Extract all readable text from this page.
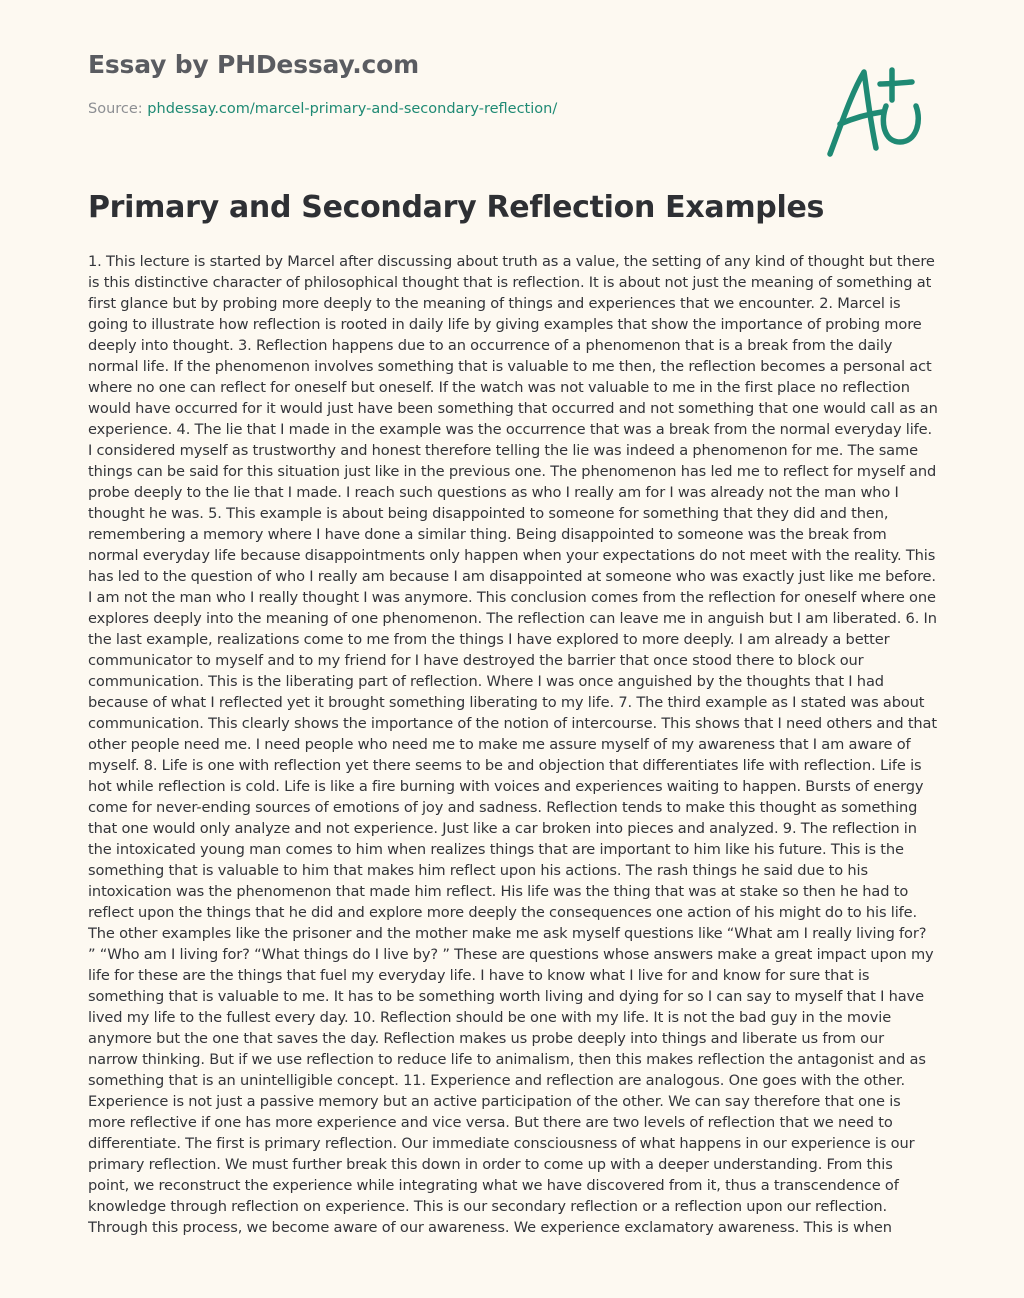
Essay by PHDessay.com
Source: phdessay.com/marcel-primary-and-secondary-reflection/
Primary and Secondary Reflection Examples

1. This lecture is started by Marcel after discussing about truth as a value, the setting of any kind of thought but there is this distinctive character of philosophical thought that is reflection. It is about not just the meaning of something at first glance but by probing more deeply to the meaning of things and experiences that we encounter. 2. Marcel is going to illustrate how reflection is rooted in daily life by giving examples that show the importance of probing more deeply into thought. 3. Reflection happens due to an occurrence of a phenomenon that is a break from the daily normal life. If the phenomenon involves something that is valuable to me then, the reflection becomes a personal act where no one can reflect for oneself but oneself. If the watch was not valuable to me in the first place no reflection would have occurred for it would just have been something that occurred and not something that one would call as an experience. 4. The lie that I made in the example was the occurrence that was a break from the normal everyday life. I considered myself as trustworthy and honest therefore telling the lie was indeed a phenomenon for me. The same things can be said for this situation just like in the previous one. The phenomenon has led me to reflect for myself and probe deeply to the lie that I made. I reach such questions as who I really am for I was already not the man who I thought he was. 5. This example is about being disappointed to someone for something that they did and then, remembering a memory where I have done a similar thing. Being disappointed to someone was the break from normal everyday life because disappointments only happen when your expectations do not meet with the reality. This has led to the question of who I really am because I am disappointed at someone who was exactly just like me before. I am not the man who I really thought I was anymore. This conclusion comes from the reflection for oneself where one explores deeply into the meaning of one phenomenon. The reflection can leave me in anguish but I am liberated. 6. In the last example, realizations come to me from the things I have explored to more deeply. I am already a better communicator to myself and to my friend for I have destroyed the barrier that once stood there to block our communication. This is the liberating part of reflection. Where I was once anguished by the thoughts that I had because of what I reflected yet it brought something liberating to my life. 7. The third example as I stated was about communication. This clearly shows the importance of the notion of intercourse. This shows that I need others and that other people need me. I need people who need me to make me assure myself of my awareness that I am aware of myself. 8. Life is one with reflection yet there seems to be and objection that differentiates life with reflection. Life is hot while reflection is cold. Life is like a fire burning with voices and experiences waiting to happen. Bursts of energy come for never-ending sources of emotions of joy and sadness. Reflection tends to make this thought as something that one would only analyze and not experience. Just like a car broken into pieces and analyzed. 9. The reflection in the intoxicated young man comes to him when realizes things that are important to him like his future. This is the something that is valuable to him that makes him reflect upon his actions. The rash things he said due to his intoxication was the phenomenon that made him reflect. His life was the thing that was at stake so then he had to reflect upon the things that he did and explore more deeply the consequences one action of his might do to his life. The other examples like the prisoner and the mother make me ask myself questions like “What am I really living for? ” “Who am I living for? “What things do I live by? ” These are questions whose answers make a great impact upon my life for these are the things that fuel my everyday life. I have to know what I live for and know for sure that is something that is valuable to me. It has to be something worth living and dying for so I can say to myself that I have lived my life to the fullest every day. 10. Reflection should be one with my life. It is not the bad guy in the movie anymore but the one that saves the day. Reflection makes us probe deeply into things and liberate us from our narrow thinking. But if we use reflection to reduce life to animalism, then this makes reflection the antagonist and as something that is an unintelligible concept. 11. Experience and reflection are analogous. One goes with the other. Experience is not just a passive memory but an active participation of the other. We can say therefore that one is more reflective if one has more experience and vice versa. But there are two levels of reflection that we need to differentiate. The first is primary reflection. Our immediate consciousness of what happens in our experience is our primary reflection. We must further break this down in order to come up with a deeper understanding. From this point, we reconstruct the experience while integrating what we have discovered from it, thus a transcendence of knowledge through reflection on experience. This is our secondary reflection or a reflection upon our reflection. Through this process, we become aware of our awareness. We experience exclamatory awareness. This is when
